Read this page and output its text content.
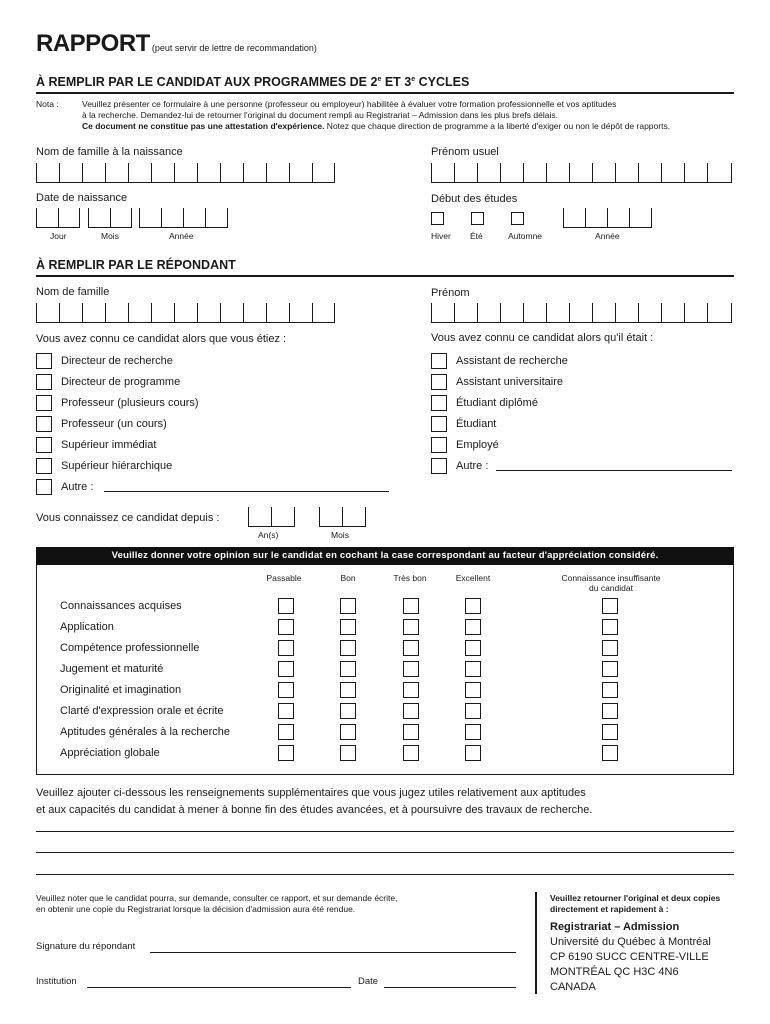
RAPPORT (peut servir de lettre de recommandation)
À REMPLIR PAR LE CANDIDAT AUX PROGRAMMES DE 2e ET 3e CYCLES
Nota :	Veuillez présenter ce formulaire à une personne (professeur ou employeur) habilitée à évaluer votre formation professionnelle et vos aptitudes
à la recherche. Demandez-lui de retourner l'original du document rempli au Registrariat – Admission dans les plus brefs délais.
Ce document ne constitue pas une attestation d'expérience. Notez que chaque direction de programme a la liberté d'exiger ou non le dépôt de rapports.
Nom de famille à la naissance	Prénom usuel
Date de naissance
Jour	Mois	Année
Début des études
Hiver Été	Automne	Année
À REMPLIR PAR LE RÉPONDANT
Nom de famille	Prénom
Vous avez connu ce candidat alors que vous étiez :	Vous avez connu ce candidat alors qu'il était :
Directeur de recherche
Directeur de programme
Professeur (plusieurs cours)
Professeur (un cours)
Supérieur immédiat
Supérieur hiérarchique
Autre :
Assistant de recherche
Assistant universitaire
Étudiant diplômé
Étudiant
Employé
Autre :
Vous connaissez ce candidat depuis :
An(s)	Mois
Veuillez donner votre opinion sur le candidat en cochant la case correspondant au facteur d'appréciation considéré.
Passable	Bon	Très bon	Excellent	Connaissance insuffisante
du candidat
Connaissances acquises
Application
Compétence professionnelle
Jugement et maturité
Originalité et imagination
Clarté d'expression orale et écrite
Aptitudes générales à la recherche
Appréciation globale
Veuillez ajouter ci-dessous les renseignements supplémentaires que vous jugez utiles relativement aux aptitudes
et aux capacités du candidat à mener à bonne fin des études avancées, et à poursuivre des travaux de recherche.
Veuillez noter que le candidat pourra, sur demande, consulter ce rapport, et sur demande écrite,
en obtenir une copie du Registrariat lorsque la décision d'admission aura été rendue.
Signature du répondant
Institution	Date
Veuillez retourner l'original et deux copies
directement et rapidement à :
Registrariat – Admission
Université du Québec à Montréal
CP 6190 SUCC CENTRE-VILLE
MONTRÉAL QC H3C 4N6
CANADA
